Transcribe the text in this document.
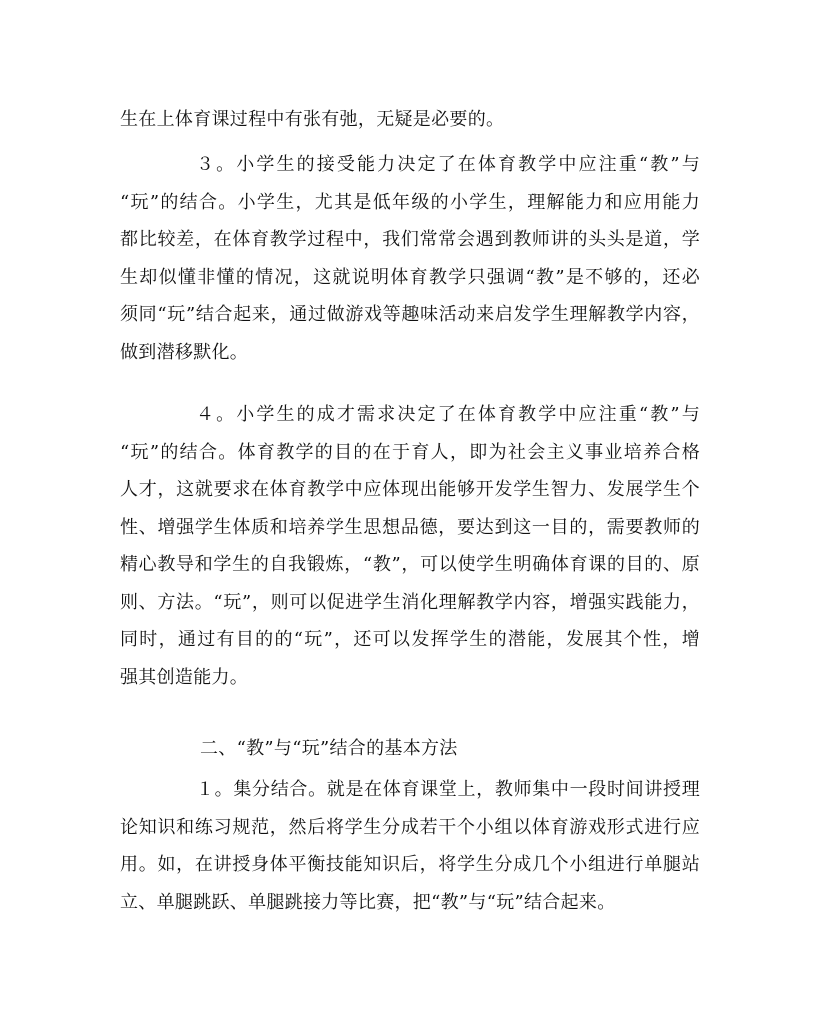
生在上体育课过程中有张有弛，无疑是必要的。
３。小学生的接受能力决定了在体育教学中应注重“教”与
“玩”的结合。小学生，尤其是低年级的小学生，理解能力和应用能力
都比较差，在体育教学过程中，我们常常会遇到教师讲的头头是道，学
生却似懂非懂的情况，这就说明体育教学只强调“教”是不够的，还必
须同“玩”结合起来，通过做游戏等趣味活动来启发学生理解教学内容，
做到潜移默化。
４。小学生的成才需求决定了在体育教学中应注重“教”与
“玩”的结合。体育教学的目的在于育人，即为社会主义事业培养合格
人才，这就要求在体育教学中应体现出能够开发学生智力、发展学生个
性、增强学生体质和培养学生思想品德，要达到这一目的，需要教师的
精心教导和学生的自我锻炼，“教”，可以使学生明确体育课的目的、原
则、方法。“玩”，则可以促进学生消化理解教学内容，增强实践能力，
同时，通过有目的的“玩”，还可以发挥学生的潜能，发展其个性，增
强其创造能力。
二、“教”与“玩”结合的基本方法
１。集分结合。就是在体育课堂上，教师集中一段时间讲授理
论知识和练习规范，然后将学生分成若干个小组以体育游戏形式进行应
用。如，在讲授身体平衡技能知识后，将学生分成几个小组进行单腿站
立、单腿跳跃、单腿跳接力等比赛，把“教”与“玩”结合起来。
